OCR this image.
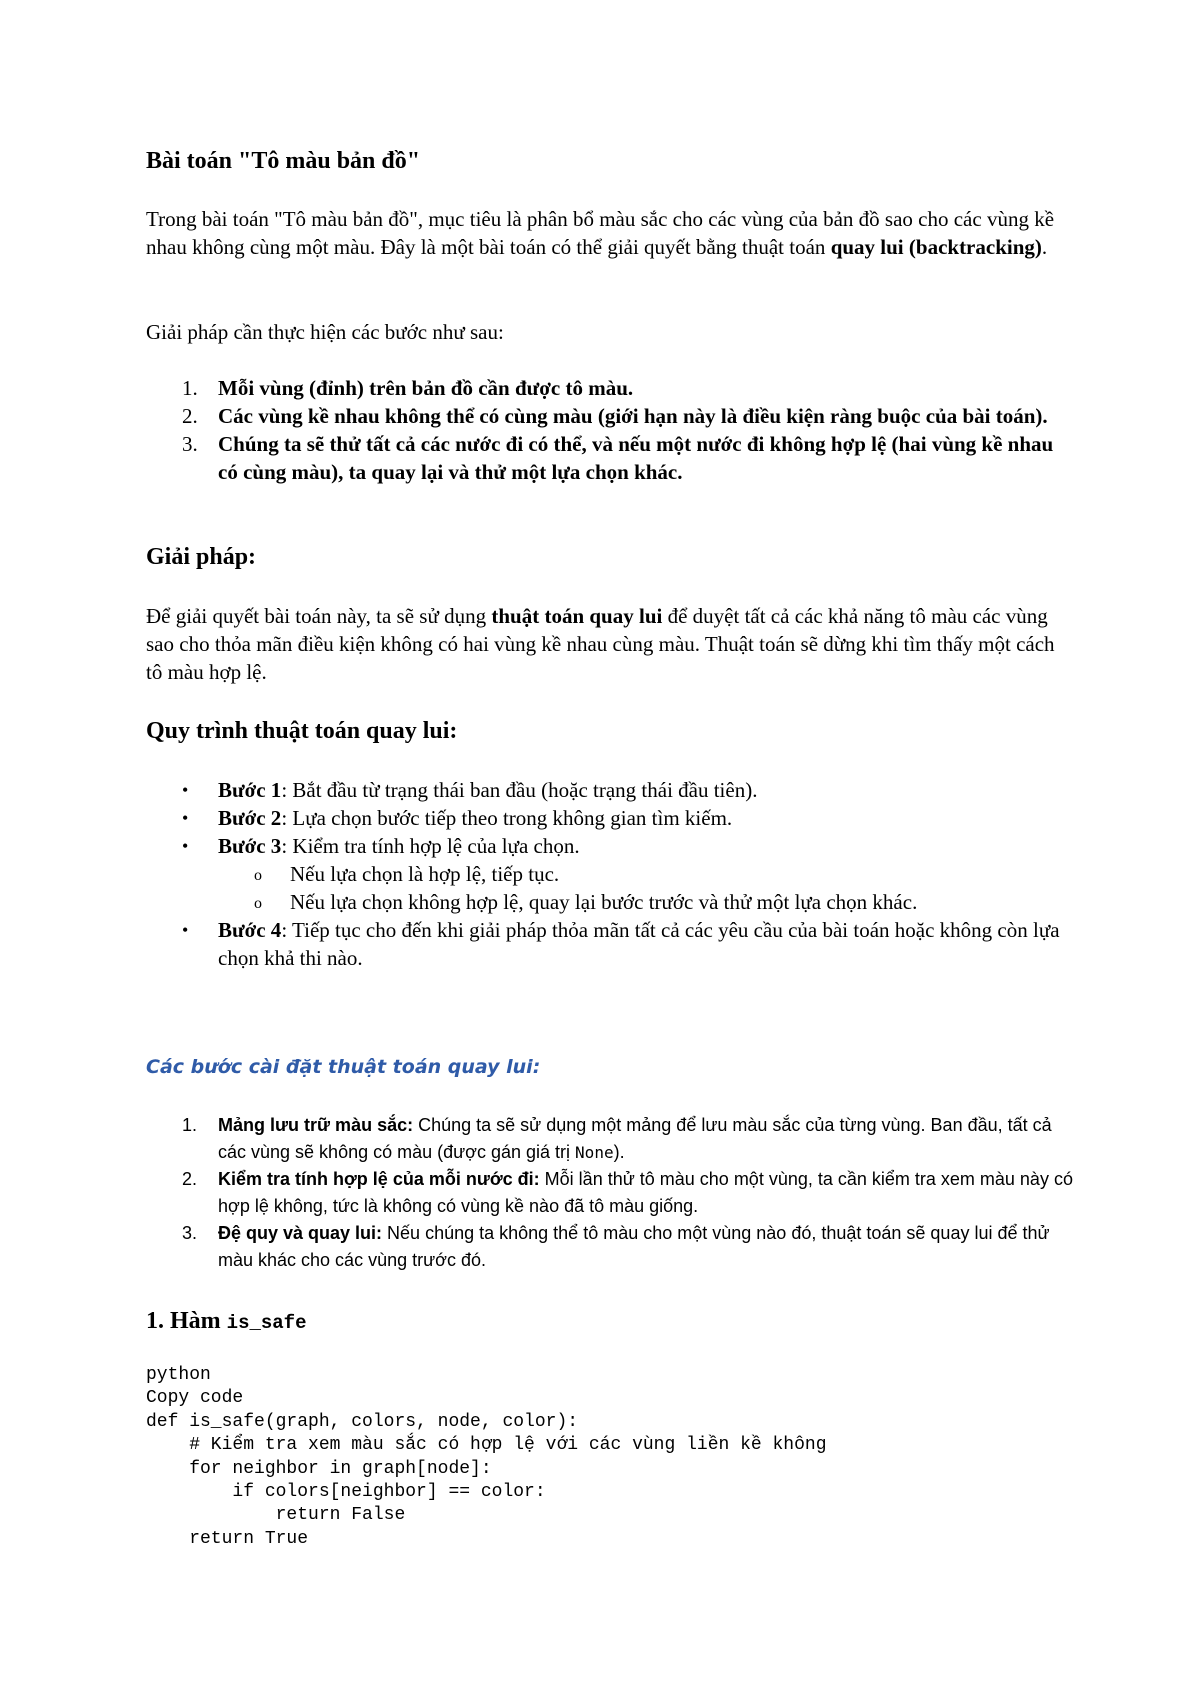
Bài toán "Tô màu bản đồ"

Trong bài toán "Tô màu bản đồ", mục tiêu là phân bổ màu sắc cho các vùng của bản đồ sao cho các vùng kề nhau không cùng một màu. Đây là một bài toán có thể giải quyết bằng thuật toán quay lui (backtracking).

Giải pháp cần thực hiện các bước như sau:

1. Mỗi vùng (đỉnh) trên bản đồ cần được tô màu.
2. Các vùng kề nhau không thể có cùng màu (giới hạn này là điều kiện ràng buộc của bài toán).
3. Chúng ta sẽ thử tất cả các nước đi có thể, và nếu một nước đi không hợp lệ (hai vùng kề nhau có cùng màu), ta quay lại và thử một lựa chọn khác.
Giải pháp:

Để giải quyết bài toán này, ta sẽ sử dụng thuật toán quay lui để duyệt tất cả các khả năng tô màu các vùng sao cho thỏa mãn điều kiện không có hai vùng kề nhau cùng màu. Thuật toán sẽ dừng khi tìm thấy một cách tô màu hợp lệ.

Quy trình thuật toán quay lui:
• Bước 1: Bắt đầu từ trạng thái ban đầu (hoặc trạng thái đầu tiên).
• Bước 2: Lựa chọn bước tiếp theo trong không gian tìm kiếm.
• Bước 3: Kiểm tra tính hợp lệ của lựa chọn.
o Nếu lựa chọn là hợp lệ, tiếp tục.
o Nếu lựa chọn không hợp lệ, quay lại bước trước và thử một lựa chọn khác.
• Bước 4: Tiếp tục cho đến khi giải pháp thỏa mãn tất cả các yêu cầu của bài toán hoặc không còn lựa chọn khả thi nào.
Các bước cài đặt thuật toán quay lui:
1. Mảng lưu trữ màu sắc: Chúng ta sẽ sử dụng một mảng để lưu màu sắc của từng vùng. Ban đầu, tất cả các vùng sẽ không có màu (được gán giá trị None).
2. Kiểm tra tính hợp lệ của mỗi nước đi: Mỗi lần thử tô màu cho một vùng, ta cần kiểm tra xem màu này có hợp lệ không, tức là không có vùng kề nào đã tô màu giống.
3. Đệ quy và quay lui: Nếu chúng ta không thể tô màu cho một vùng nào đó, thuật toán sẽ quay lui để thử màu khác cho các vùng trước đó.
1. Hàm is_safe
python
Copy code
def is_safe(graph, colors, node, color):
# Kiểm tra xem màu sắc có hợp lệ với các vùng liền kề không
for neighbor in graph[node]:
if colors[neighbor] == color:
return False
return True
